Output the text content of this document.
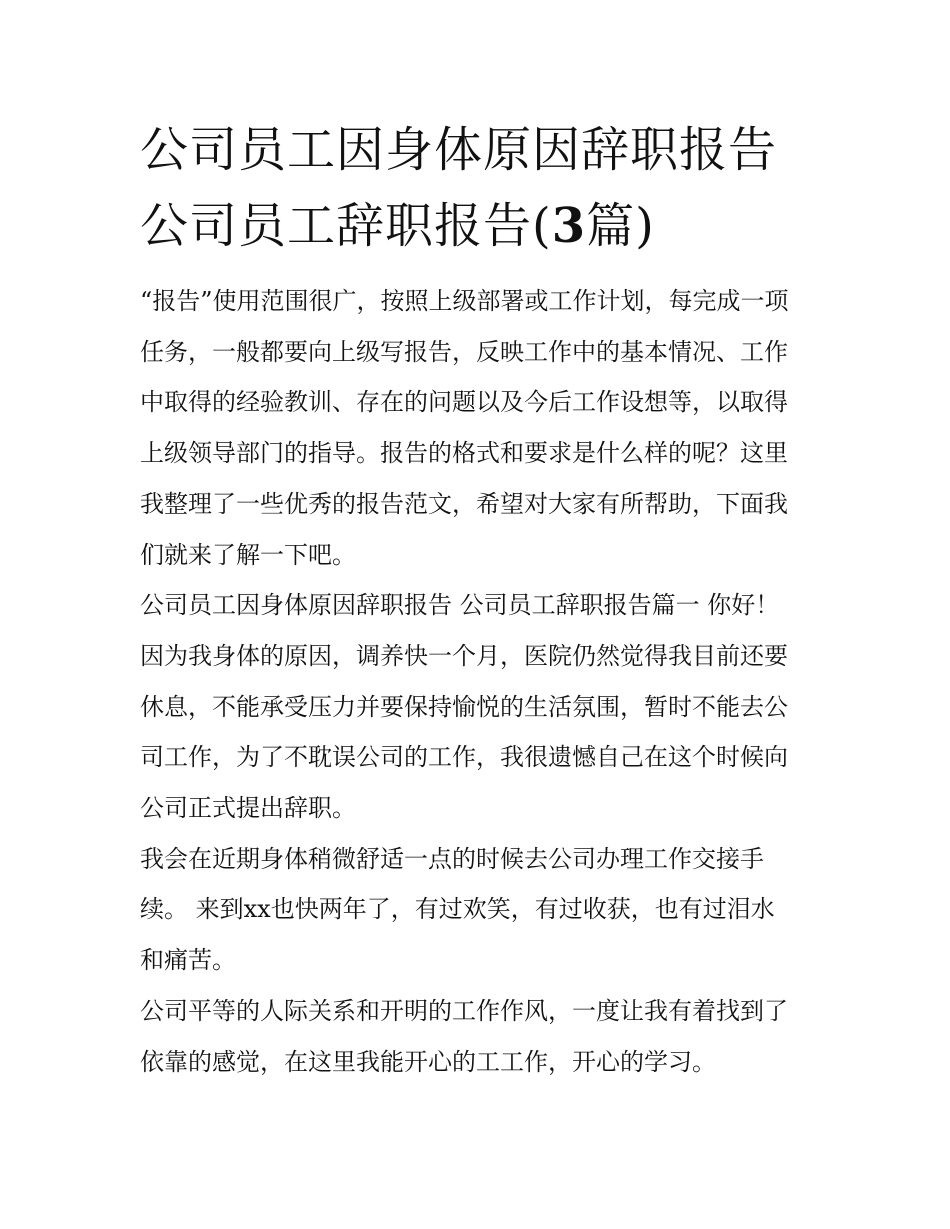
公司员工因身体原因辞职报告
公司员工辞职报告(3篇)

“报告”使用范围很广，按照上级部署或工作计划，每完成一项
任务，一般都要向上级写报告，反映工作中的基本情况、工作
中取得的经验教训、存在的问题以及今后工作设想等，以取得
上级领导部门的指导。报告的格式和要求是什么样的呢？这里
我整理了一些优秀的报告范文，希望对大家有所帮助，下面我
们就来了解一下吧。

公司员工因身体原因辞职报告 公司员工辞职报告篇一 你好！
因为我身体的原因，调养快一个月，医院仍然觉得我目前还要
休息，不能承受压力并要保持愉悦的生活氛围，暂时不能去公
司工作，为了不耽误公司的工作，我很遗憾自己在这个时候向
公司正式提出辞职。

我会在近期身体稍微舒适一点的时候去公司办理工作交接手
续。 来到xx也快两年了，有过欢笑，有过收获，也有过泪水
和痛苦。

公司平等的人际关系和开明的工作作风，一度让我有着找到了
依靠的感觉，在这里我能开心的工工作，开心的学习。
